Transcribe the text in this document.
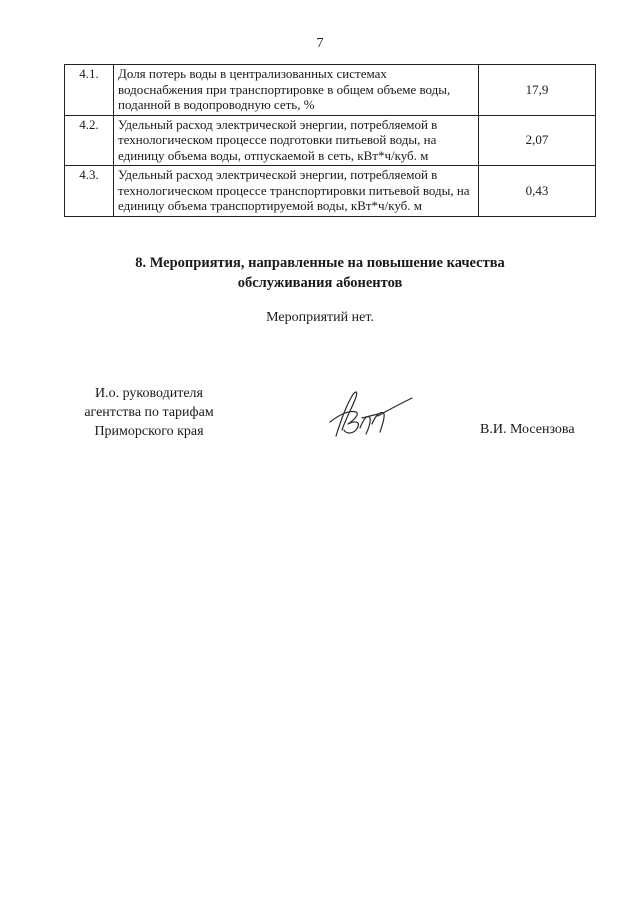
7
4.1.	Доля потерь воды в централизованных системах водоснабжения при транспортировке в общем объеме воды, поданной в водопроводную сеть, %	17,9
4.2.	Удельный расход электрической энергии, потребляемой в технологическом процессе подготовки питьевой воды, на единицу объема воды, отпускаемой в сеть, кВт*ч/куб. м	2,07
4.3.	Удельный расход электрической энергии, потребляемой в технологическом процессе транспортировки питьевой воды, на единицу объема транспортируемой воды, кВт*ч/куб. м	0,43
8. Мероприятия, направленные на повышение качества
обслуживания абонентов
Мероприятий нет.
И.о. руководителя
агентства по тарифам
Приморского края	В.И. Мосензова
